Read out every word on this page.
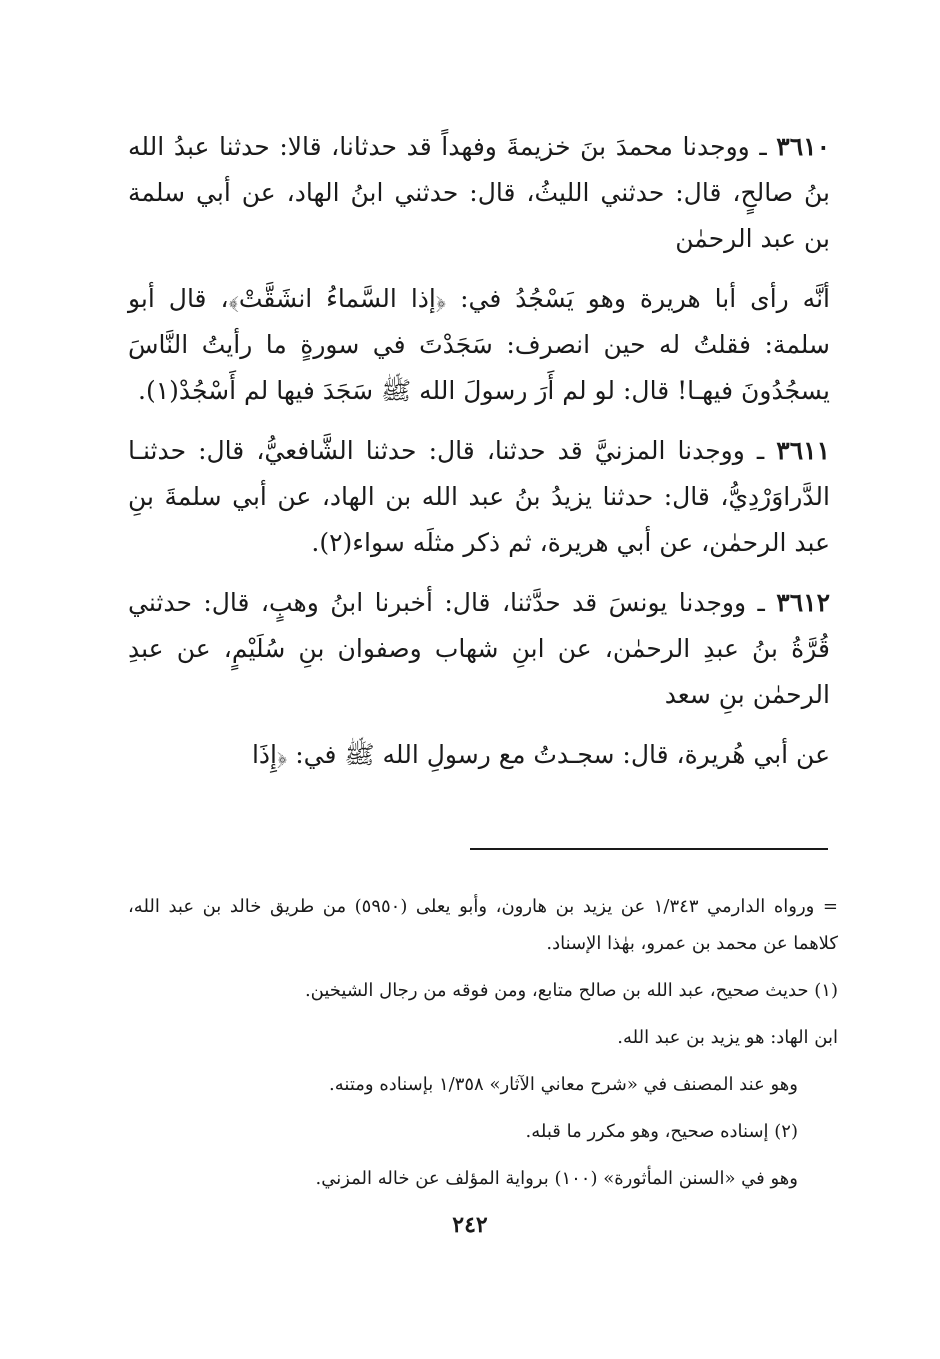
٣٦١٠ ـ ووجدنا محمدَ بنَ خزيمةَ وفهداً قد حدثانا، قالا: حدثنا عبدُ الله بنُ صالحٍ، قال: حدثني الليثُ، قال: حدثني ابنُ الهاد، عن أبي سلمة بن عبد الرحمٰن

أنَّه رأى أبا هريرة وهو يَسْجُدُ في: ﴿إذا السَّماءُ انشَقَّتْ﴾، قال أبو سلمة: فقلتُ له حين انصرف: سَجَدْتَ في سورةٍ ما رأيتُ النَّاسَ يسجُدُونَ فيهـا! قال: لو لم أَرَ رسولَ الله ﷺ سَجَدَ فيها لم أَسْجُدْ(١).

٣٦١١ ـ ووجدنا المزنيَّ قد حدثنا، قال: حدثنا الشَّافعيُّ، قال: حدثنـا الدَّراوَرْدِيُّ، قال: حدثنا يزيدُ بنُ عبد الله بن الهاد، عن أبي سلمةَ بنِ عبد الرحمٰن، عن أبي هريرة، ثم ذكر مثلَه سواء(٢).

٣٦١٢ ـ ووجدنا يونسَ قد حدَّثنا، قال: أخبرنا ابنُ وهبٍ، قال: حدثني قُرَّةُ بنُ عبدِ الرحمٰن، عن ابنِ شهاب وصفوان بنِ سُلَيْمٍ، عن عبدِ الرحمٰن بنِ سعد

عن أبي هُريرة، قال: سجـدتُ مع رسولِ الله ﷺ في: ﴿إِذَا

= ورواه الدارمي ١/٣٤٣ عن يزيد بن هارون، وأبو يعلى (٥٩٥٠) من طريق خالد بن عبد الله، كلاهما عن محمد بن عمرو، بهٰذا الإسناد.

(١) حديث صحيح، عبد الله بن صالح متابع، ومن فوقه من رجال الشيخين.

ابن الهاد: هو يزيد بن عبد الله.

وهو عند المصنف في «شرح معاني الآثار» ١/٣٥٨ بإسناده ومتنه.

(٢) إسناده صحيح، وهو مكرر ما قبله.

وهو في «السنن المأثورة» (١٠٠) برواية المؤلف عن خاله المزني.

٢٤٢
